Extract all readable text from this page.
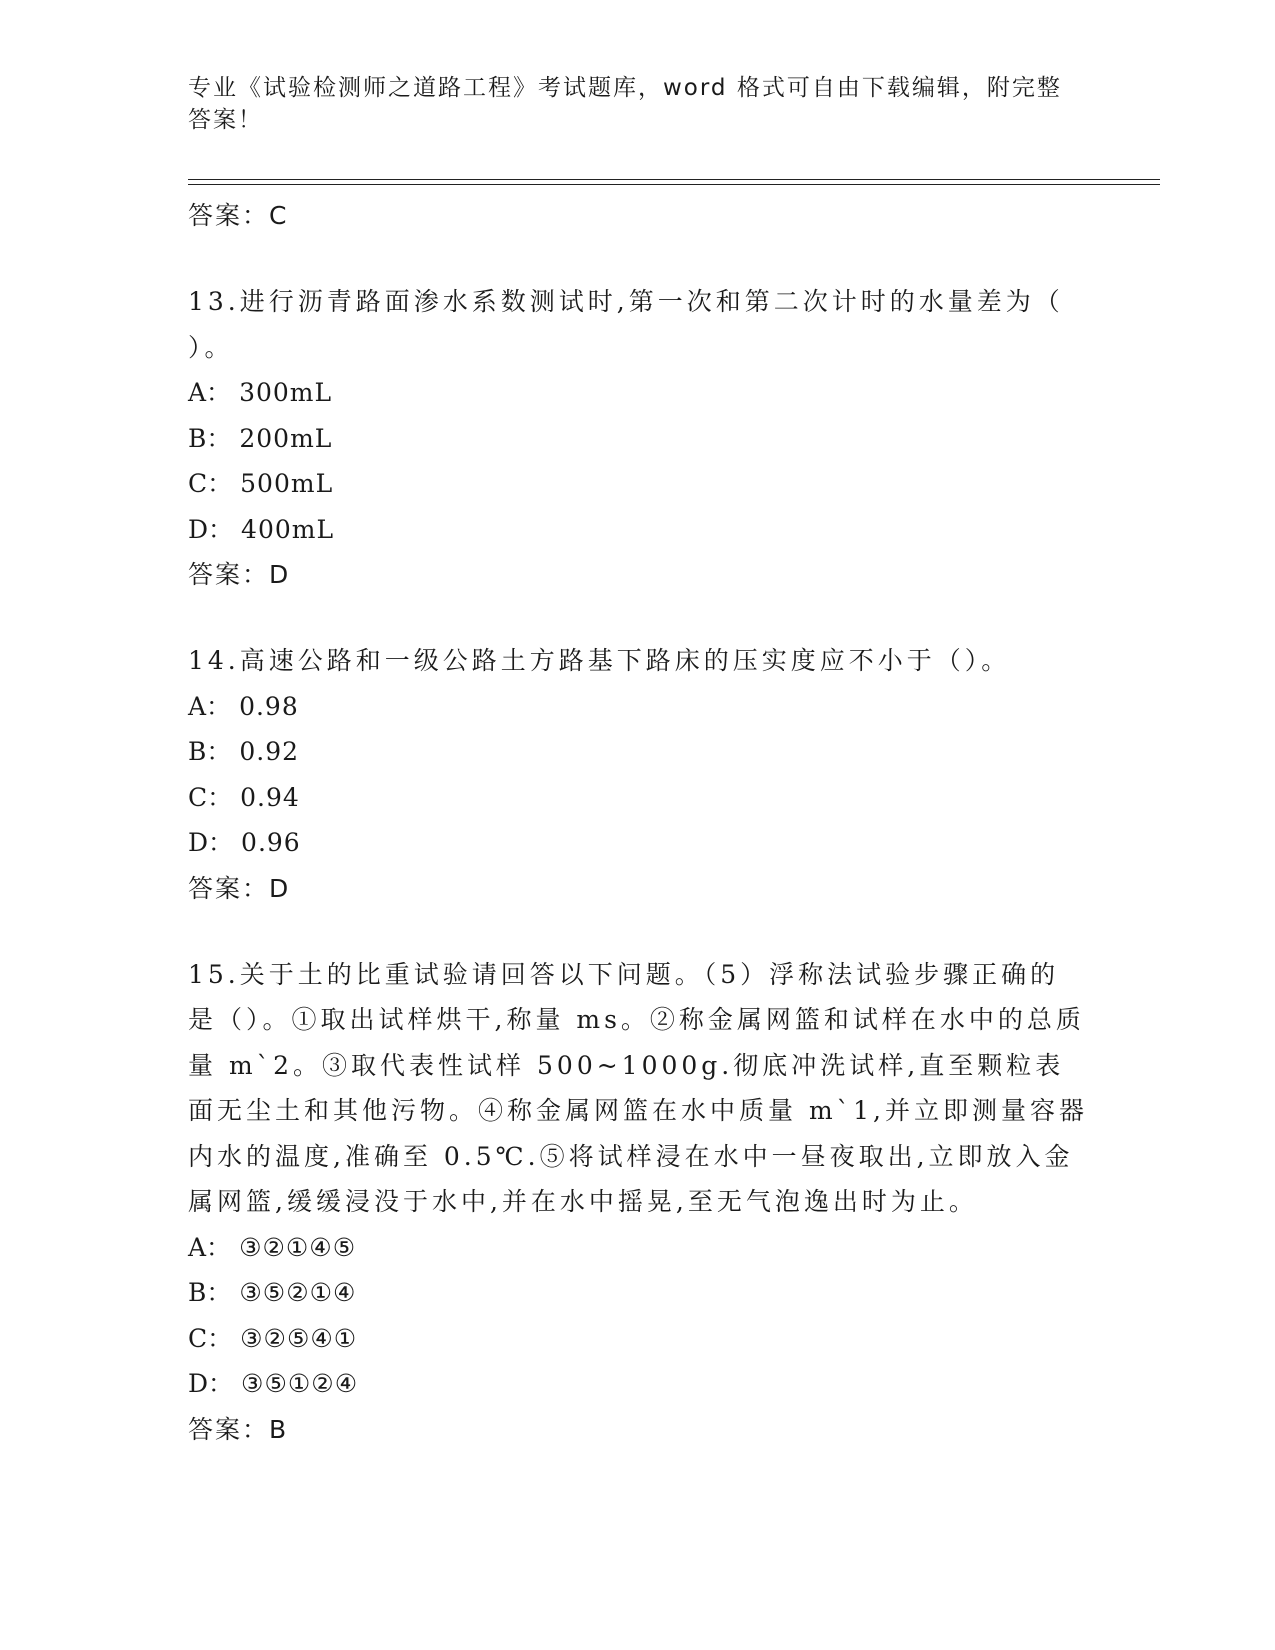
专业《试验检测师之道路工程》考试题库，word 格式可自由下载编辑，附完整答案！
答案：C
13.进行沥青路面渗水系数测试时,第一次和第二次计时的水量差为（ ）。
A： 300mL
B： 200mL
C： 500mL
D： 400mL
答案：D
14.高速公路和一级公路土方路基下路床的压实度应不小于（）。
A： 0.98
B： 0.92
C： 0.94
D： 0.96
答案：D
15.关于土的比重试验请回答以下问题。（5）浮称法试验步骤正确的是（）。①取出试样烘干,称量 ms。②称金属网篮和试样在水中的总质量 m`2。③取代表性试样 500~1000g.彻底冲洗试样,直至颗粒表面无尘土和其他污物。④称金属网篮在水中质量 m`1,并立即测量容器内水的温度,准确至 0.5℃.⑤将试样浸在水中一昼夜取出,立即放入金属网篮,缓缓浸没于水中,并在水中摇晃,至无气泡逸出时为止。
A： ③②①④⑤
B： ③⑤②①④
C： ③②⑤④①
D： ③⑤①②④
答案：B
